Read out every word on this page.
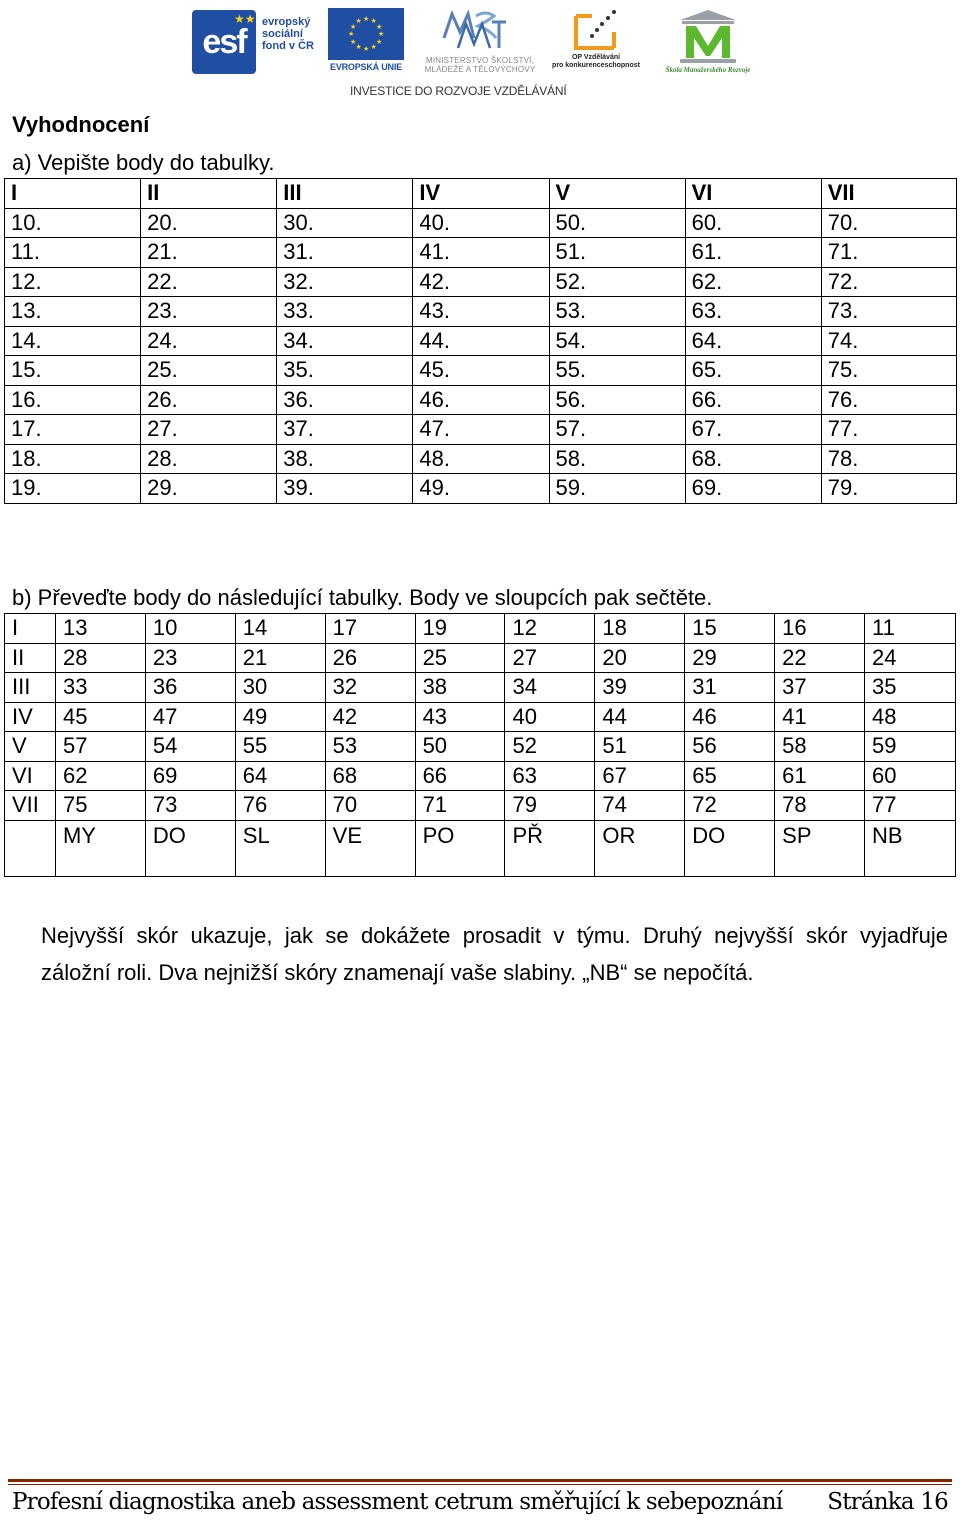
esf
★★ evropský
sociální
fond v ČR
★
★
★
★
★
★
★
★
★ ★ ★
★
EVROPSKÁ UNIE
MINISTERSTVO ŠKOLSTVÍ,
MLÁDEŽE A TĚLOVÝCHOVY
OP Vzdělávání
pro konkurenceschopnost
Škola Manažerského Rozvoje
INVESTICE DO ROZVOJE VZDĚLÁVÁNÍ
Vyhodnocení
a) Vepište body do tabulky.
I	II	III	IV	V	VI	VII
10.	20.	30.	40.	50.	60.	70.
11.	21.	31.	41.	51.	61.	71.
12.	22.	32.	42.	52.	62.	72.
13.	23.	33.	43.	53.	63.	73.
14.	24.	34.	44.	54.	64.	74.
15.	25.	35.	45.	55.	65.	75.
16.	26.	36.	46.	56.	66.	76.
17.	27.	37.	47.	57.	67.	77.
18.	28.	38.	48.	58.	68.	78.
19.	29.	39.	49.	59.	69.	79.
b) Převeďte body do následující tabulky. Body ve sloupcích pak sečtěte.
I	13	10	14	17	19	12	18	15	16	11
II	28	23	21	26	25	27	20	29	22	24
III	33	36	30	32	38	34	39	31	37	35
IV	45	47	49	42	43	40	44	46	41	48
V	57	54	55	53	50	52	51	56	58	59
VI	62	69	64	68	66	63	67	65	61	60
VII	75	73	76	70	71	79	74	72	78	77
	MY	DO	SL	VE	PO	PŘ	OR	DO	SP	NB
Nejvyšší skór ukazuje, jak se dokážete prosadit v týmu. Druhý nejvyšší skór vyjadřuje záložní roli. Dva nejnižší skóry znamenají vaše slabiny. „NB“ se nepočítá.
Profesní diagnostika aneb assessment cetrum směřující k sebepoznání Stránka 16
